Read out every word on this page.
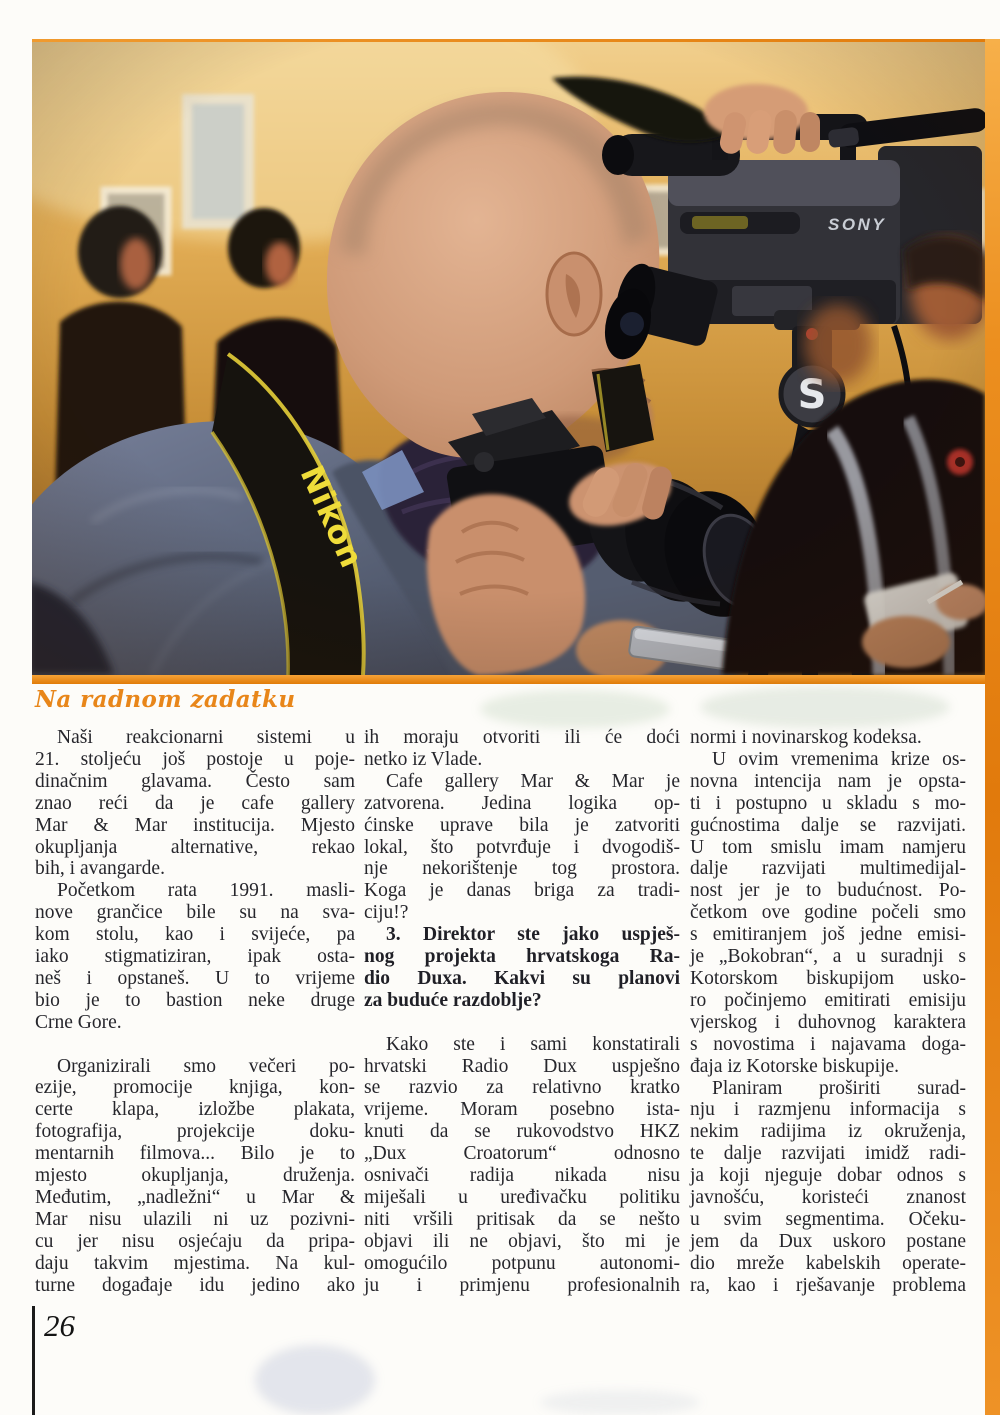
Na radnom zadatku
Naši reakcionarni sistemi u
21. stoljeću još postoje u poje-
dinačnim glavama. Često sam
znao reći da je cafe gallery
Mar & Mar institucija. Mjesto
okupljanja alternative, rekao
bih, i avangarde.
Početkom rata 1991. masli-
nove grančice bile su na sva-
kom stolu, kao i svijeće, pa
iako stigmatiziran, ipak osta-
neš i opstaneš. U to vrijeme
bio je to bastion neke druge
Crne Gore.
Organizirali smo večeri po-
ezije, promocije knjiga, kon-
certe klapa, izložbe plakata,
fotografija, projekcije doku-
mentarnih filmova... Bilo je to
mjesto okupljanja, druženja.
Međutim, „nadležni“ u Mar &
Mar nisu ulazili ni uz pozivni-
cu jer nisu osjećaju da pripa-
daju takvim mjestima. Na kul-
turne događaje idu jedino ako
ih moraju otvoriti ili će doći
netko iz Vlade.
Cafe gallery Mar & Mar je
zatvorena. Jedina logika op-
ćinske uprave bila je zatvoriti
lokal, što potvrđuje i dvogodiš-
nje nekorištenje tog prostora.
Koga je danas briga za tradi-
ciju!?
3. Direktor ste jako uspješ-
nog projekta hrvatskoga Ra-
dio Duxa. Kakvi su planovi
za buduće razdoblje?
Kako ste i sami konstatirali
hrvatski Radio Dux uspješno
se razvio za relativno kratko
vrijeme. Moram posebno ista-
knuti da se rukovodstvo HKZ
„Dux Croatorum“ odnosno
osnivači radija nikada nisu
miješali u uređivačku politiku
niti vršili pritisak da se nešto
objavi ili ne objavi, što mi je
omogućilo potpunu autonomi-
ju i primjenu profesionalnih
normi i novinarskog kodeksa.
U ovim vremenima krize os-
novna intencija nam je opsta-
ti i postupno u skladu s mo-
gućnostima dalje se razvijati.
U tom smislu imam namjeru
dalje razvijati multimedijal-
nost jer je to budućnost. Po-
četkom ove godine počeli smo
s emitiranjem još jedne emisi-
je „Bokobran“, a u suradnji s
Kotorskom biskupijom usko-
ro počinjemo emitirati emisiju
vjerskog i duhovnog karaktera
s novostima i najavama doga-
đaja iz Kotorske biskupije.
Planiram proširiti surad-
nju i razmjenu informacija s
nekim radijima iz okruženja,
te dalje razvijati imidž radi-
ja koji njeguje dobar odnos s
javnošću, koristeći znanost
u svim segmentima. Očeku-
jem da Dux uskoro postane
dio mreže kabelskih operate-
ra, kao i rješavanje problema
26
